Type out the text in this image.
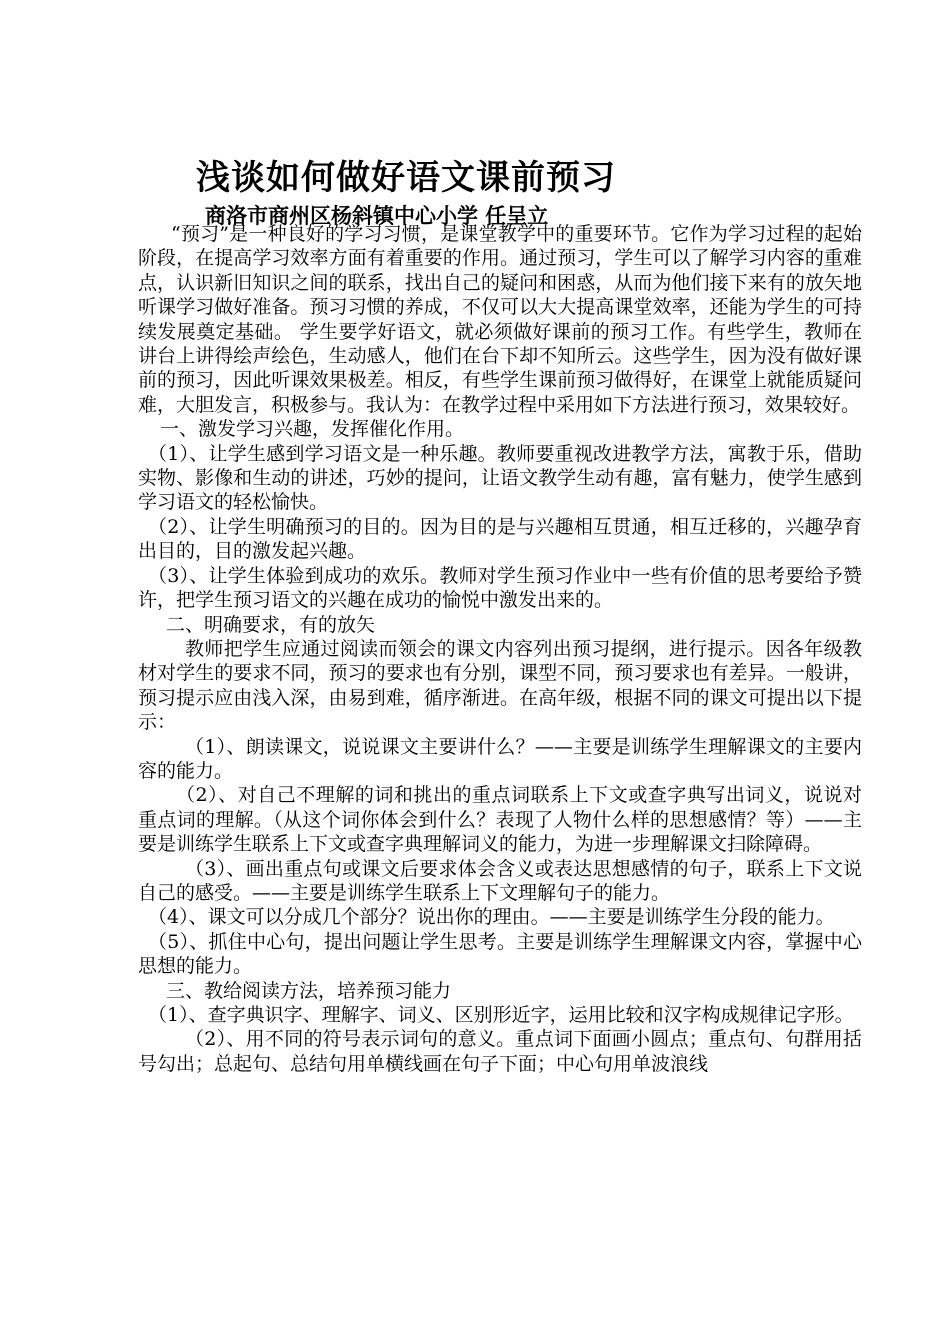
浅谈如何做好语文课前预习
商洛市商州区杨斜镇中心小学 任呈立

“预习”是一种良好的学习习惯，是课堂教学中的重要环节。它作为学习过程的起始阶段，在提高学习效率方面有着重要的作用。通过预习，学生可以了解学习内容的重难点，认识新旧知识之间的联系，找出自己的疑问和困惑，从而为他们接下来有的放矢地听课学习做好准备。预习习惯的养成，不仅可以大大提高课堂效率，还能为学生的可持续发展奠定基础。 学生要学好语文，就必须做好课前的预习工作。有些学生，教师在讲台上讲得绘声绘色，生动感人，他们在台下却不知所云。这些学生，因为没有做好课前的预习，因此听课效果极差。相反，有些学生课前预习做得好，在课堂上就能质疑问难，大胆发言，积极参与。我认为：在教学过程中采用如下方法进行预习，效果较好。

一、激发学习兴趣，发挥催化作用。

（1）、让学生感到学习语文是一种乐趣。教师要重视改进教学方法，寓教于乐，借助实物、影像和生动的讲述，巧妙的提问，让语文教学生动有趣，富有魅力，使学生感到学习语文的轻松愉快。

（2）、让学生明确预习的目的。因为目的是与兴趣相互贯通，相互迁移的，兴趣孕育出目的，目的激发起兴趣。

（3）、让学生体验到成功的欢乐。教师对学生预习作业中一些有价值的思考要给予赞许，把学生预习语文的兴趣在成功的愉悦中激发出来的。

二、明确要求，有的放矢

教师把学生应通过阅读而领会的课文内容列出预习提纲，进行提示。因各年级教材对学生的要求不同，预习的要求也有分别，课型不同，预习要求也有差异。一般讲，预习提示应由浅入深，由易到难，循序渐进。在高年级，根据不同的课文可提出以下提示：

（1）、朗读课文，说说课文主要讲什么？——主要是训练学生理解课文的主要内容的能力。

（2）、对自己不理解的词和挑出的重点词联系上下文或查字典写出词义，说说对重点词的理解。（从这个词你体会到什么？表现了人物什么样的思想感情？等）——主要是训练学生联系上下文或查字典理解词义的能力，为进一步理解课文扫除障碍。

（3）、画出重点句或课文后要求体会含义或表达思想感情的句子，联系上下文说自己的感受。——主要是训练学生联系上下文理解句子的能力。

（4）、课文可以分成几个部分？说出你的理由。——主要是训练学生分段的能力。

（5）、抓住中心句，提出问题让学生思考。主要是训练学生理解课文内容，掌握中心思想的能力。

三、教给阅读方法，培养预习能力

（1）、查字典识字、理解字、词义、区别形近字，运用比较和汉字构成规律记字形。

（2）、用不同的符号表示词句的意义。重点词下面画小圆点；重点句、句群用括号勾出；总起句、总结句用单横线画在句子下面；中心句用单波浪线
